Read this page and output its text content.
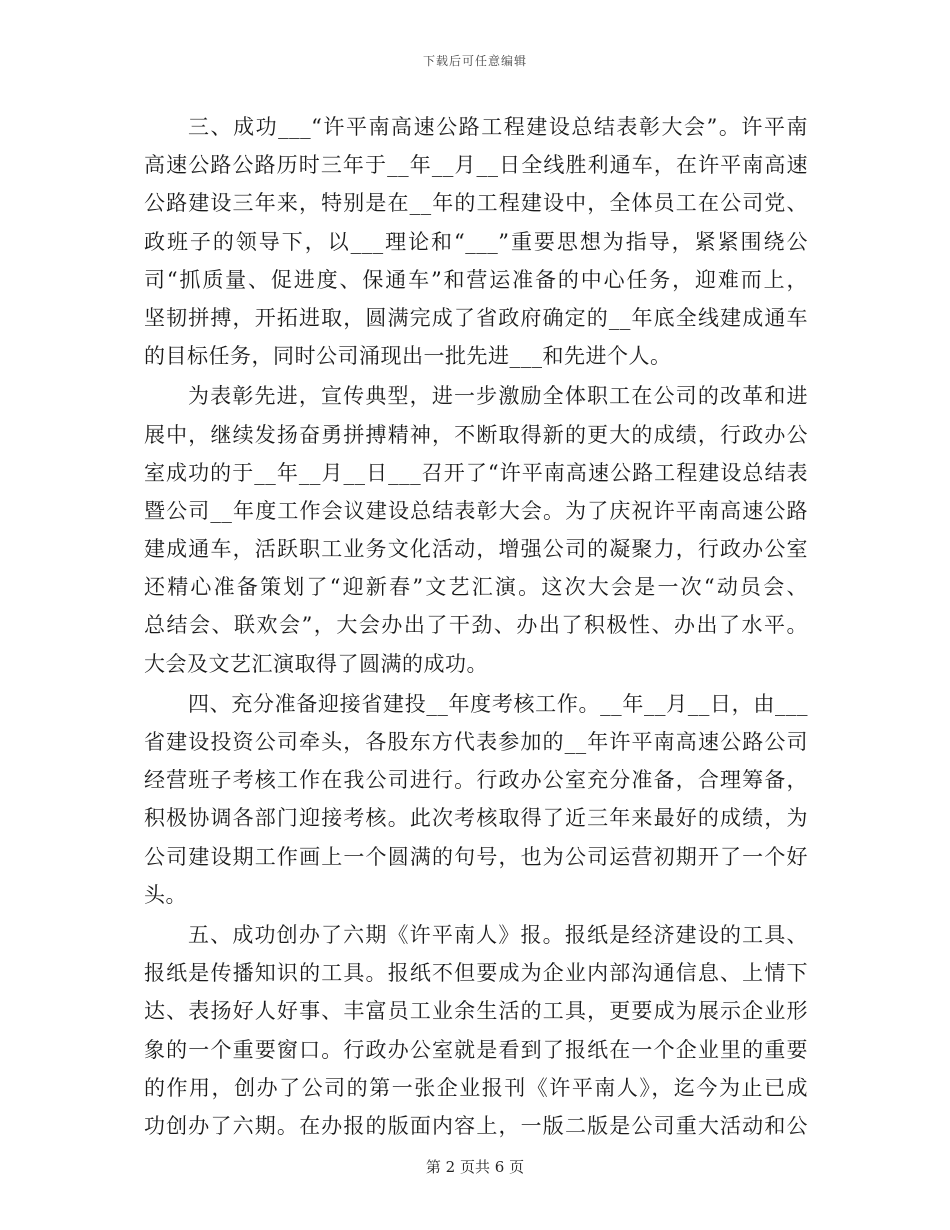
下载后可任意编辑
三、成功___“许平南高速公路工程建设总结表彰大会”。许平南
高速公路公路历时三年于__年__月__日全线胜利通车，在许平南高速
公路建设三年来，特别是在__年的工程建设中，全体员工在公司党、
政班子的领导下，以___理论和“___”重要思想为指导，紧紧围绕公
司“抓质量、促进度、保通车”和营运准备的中心任务，迎难而上，
坚韧拼搏，开拓进取，圆满完成了省政府确定的__年底全线建成通车
的目标任务，同时公司涌现出一批先进___和先进个人。
为表彰先进，宣传典型，进一步激励全体职工在公司的改革和进
展中，继续发扬奋勇拼搏精神，不断取得新的更大的成绩，行政办公
室成功的于__年__月__日___召开了“许平南高速公路工程建设总结表
暨公司__年度工作会议建设总结表彰大会。为了庆祝许平南高速公路
建成通车，活跃职工业务文化活动，增强公司的凝聚力，行政办公室
还精心准备策划了“迎新春”文艺汇演。这次大会是一次“动员会、
总结会、联欢会”，大会办出了干劲、办出了积极性、办出了水平。
大会及文艺汇演取得了圆满的成功。
四、充分准备迎接省建投__年度考核工作。__年__月__日，由___
省建设投资公司牵头，各股东方代表参加的__年许平南高速公路公司
经营班子考核工作在我公司进行。行政办公室充分准备，合理筹备，
积极协调各部门迎接考核。此次考核取得了近三年来最好的成绩，为
公司建设期工作画上一个圆满的句号，也为公司运营初期开了一个好
头。
五、成功创办了六期《许平南人》报。报纸是经济建设的工具、
报纸是传播知识的工具。报纸不但要成为企业内部沟通信息、上情下
达、表扬好人好事、丰富员工业余生活的工具，更要成为展示企业形
象的一个重要窗口。行政办公室就是看到了报纸在一个企业里的重要
的作用，创办了公司的第一张企业报刊《许平南人》，迄今为止已成
功创办了六期。在办报的版面内容上，一版二版是公司重大活动和公
第 2 页共 6 页
